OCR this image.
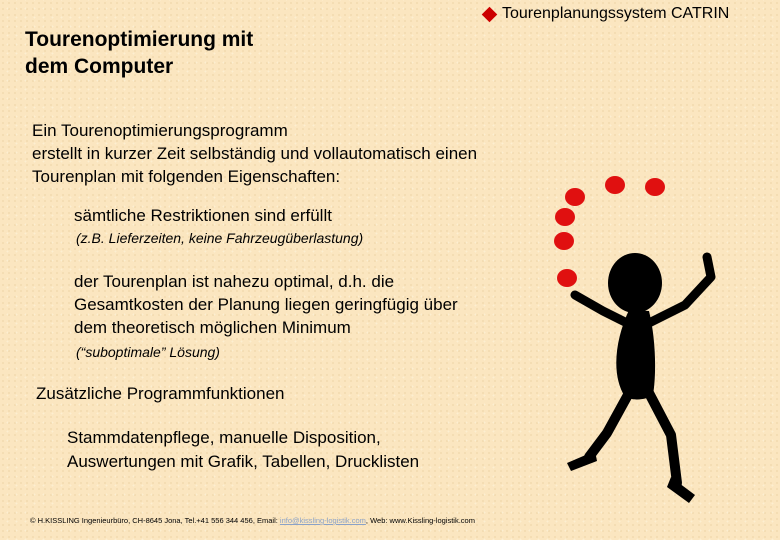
Tourenplanungssystem CATRIN
Tourenoptimierung mit
dem Computer
Ein Tourenoptimierungsprogramm
erstellt in kurzer Zeit selbständig und vollautomatisch einen
Tourenplan mit folgenden Eigenschaften:
sämtliche Restriktionen sind erfüllt
(z.B. Lieferzeiten, keine Fahrzeugüberlastung)
der Tourenplan ist nahezu optimal, d.h. die
Gesamtkosten der Planung liegen geringfügig über
dem theoretisch möglichen Minimum
(“suboptimale” Lösung)
Zusätzliche Programmfunktionen
Stammdatenpflege, manuelle Disposition,
Auswertungen mit Grafik, Tabellen, Drucklisten
© H.KISSLING Ingenieurbüro, CH-8645 Jona, Tel.+41 556 344 456, Email: info@kissling-logistik.com, Web: www.Kissling-logistik.com
